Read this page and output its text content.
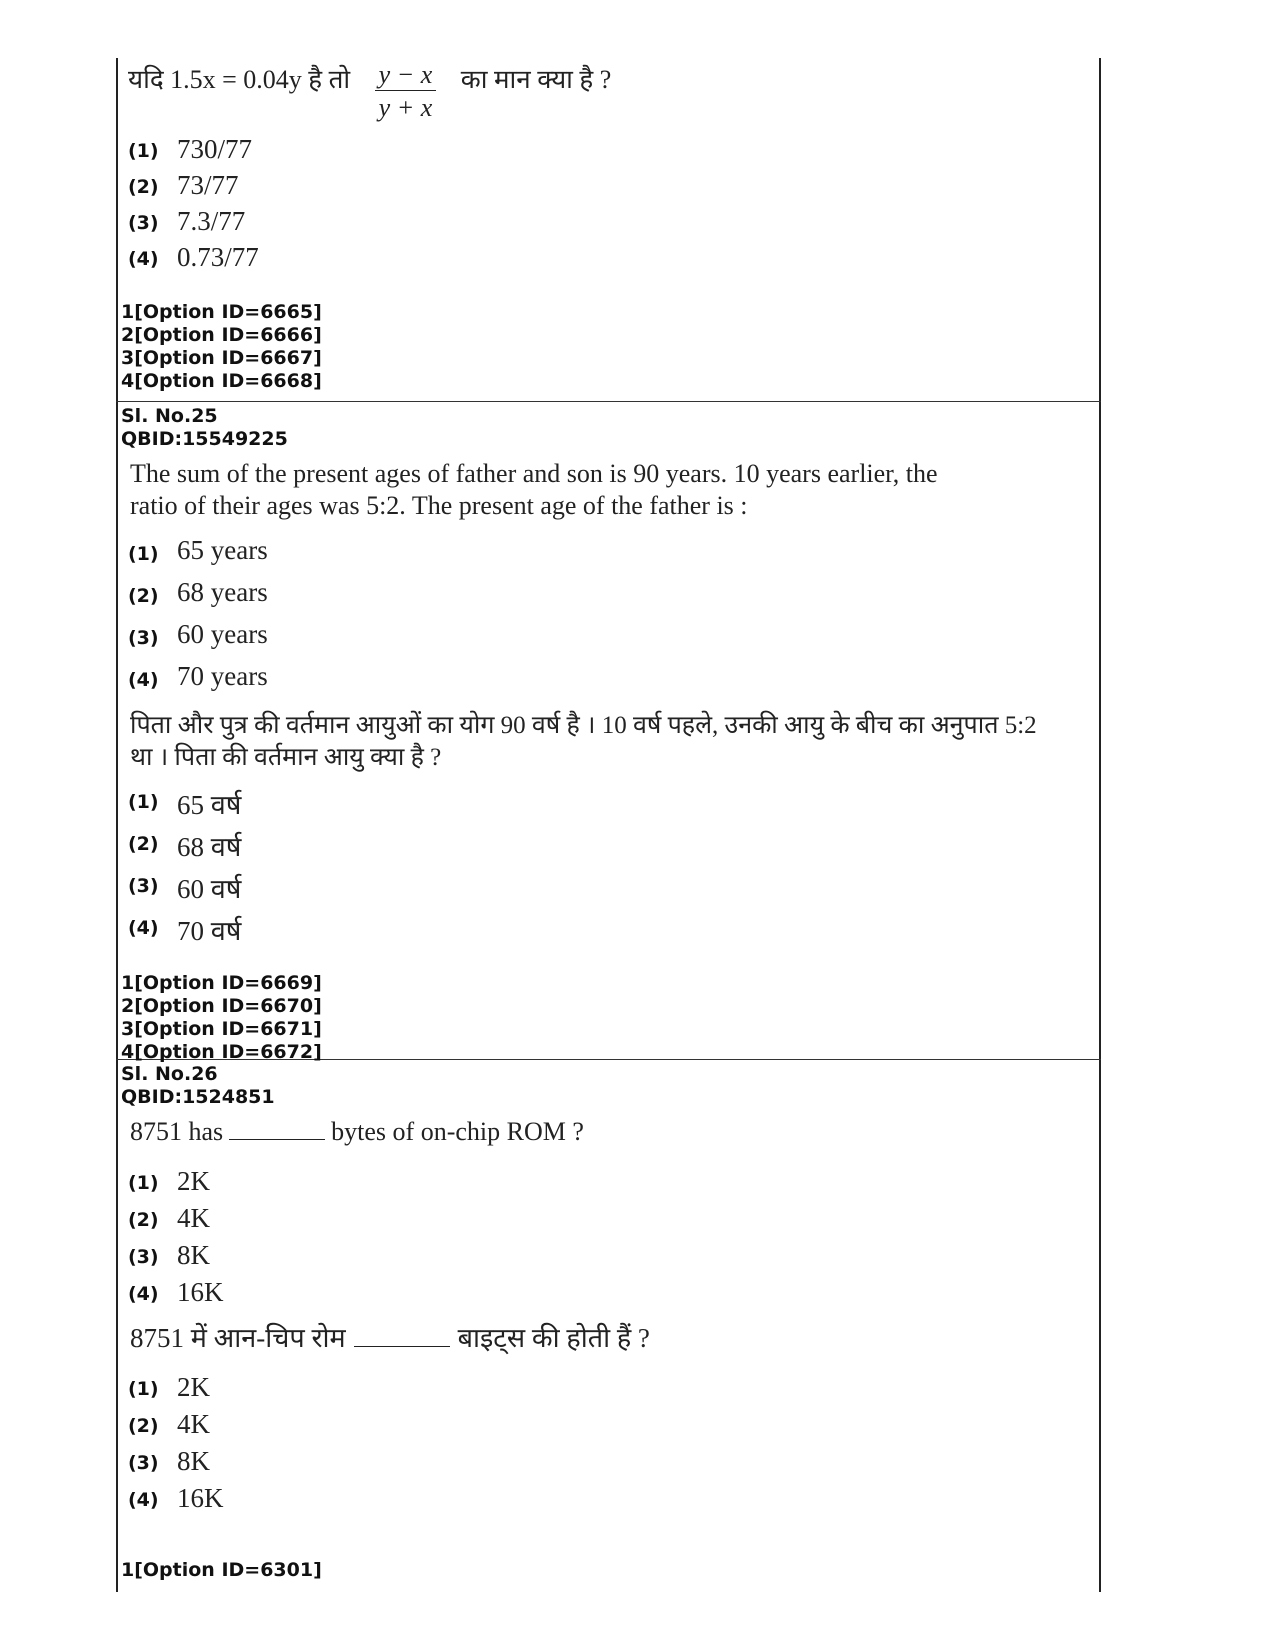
यदि 1.5x = 0.04y है तो $\frac{y - x}{y + x}$ का मान क्या है ?
(1) 730/77
(2) 73/77
(3) 7.3/77
(4) 0.73/77
1[Option ID=6665]
2[Option ID=6666]
3[Option ID=6667]
4[Option ID=6668]
Sl. No.25
QBID:15549225
The sum of the present ages of father and son is 90 years. 10 years earlier, the
ratio of their ages was 5:2. The present age of the father is :
(1) 65 years
(2) 68 years
(3) 60 years
(4) 70 years
पिता और पुत्र की वर्तमान आयुओं का योग 90 वर्ष है । 10 वर्ष पहले, उनकी आयु के बीच का अनुपात 5:2
था । पिता की वर्तमान आयु क्या है ?
(1) 65 वर्ष
(2) 68 वर्ष
(3) 60 वर्ष
(4) 70 वर्ष
1[Option ID=6669]
2[Option ID=6670]
3[Option ID=6671]
4[Option ID=6672]
Sl. No.26
QBID:1524851
8751 has	bytes of on-chip ROM ?
(1) 2K
(2) 4K
(3) 8K
(4) 16K
8751 में आन-चिप रोम	बाइट्स की होती हैं ?
(1) 2K
(2) 4K
(3) 8K
(4) 16K
1[Option ID=6301]
